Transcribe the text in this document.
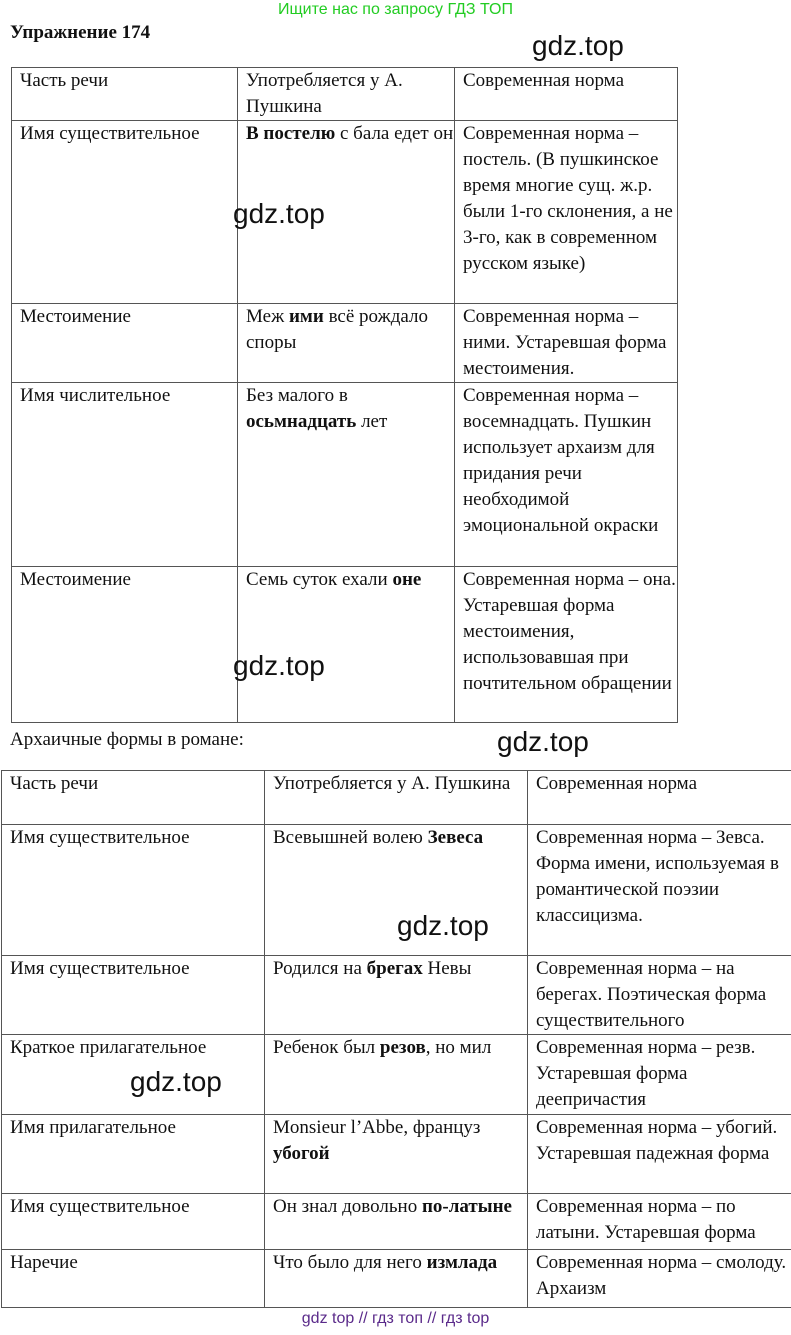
Ищите нас по запросу ГДЗ ТОП
Упражнение 174	gdz.top
Часть речи	Употребляется у А. Пушкина	Современная норма
Имя существительное	В постелю с бала едет он	Современная норма – постель. (В пушкинское время многие сущ. ж.р. были 1-го склонения, а не 3-го, как в современном русском языке)
Местоимение	Меж ими всё рождало споры	Современная норма – ними. Устаревшая форма местоимения.
Имя числительное	Без малого в осьмнадцать лет	Современная норма – восемнадцать. Пушкин использует архаизм для придания речи необходимой эмоциональной окраски
Местоимение	Семь суток ехали оне	Современная норма – она. Устаревшая форма местоимения, использовавшая при почтительном обращении
gdz.top
gdz.top
Архаичные формы в романе:	gdz.top
Часть речи	Употребляется у А. Пушкина	Современная норма
Имя существительное	Всевышней волею Зевеса	Современная норма – Зевса. Форма имени, используемая в романтической поэзии классицизма.
Имя существительное	Родился на брегах Невы	Современная норма – на берегах. Поэтическая форма существительного
Краткое прилагательное	Ребенок был резов, но мил	Современная норма – резв. Устаревшая форма деепричастия
Имя прилагательное	Monsieur l’Abbe, француз убогой	Современная норма – убогий. Устаревшая падежная форма
Имя существительное	Он знал довольно по-латыне	Современная норма – по латыни. Устаревшая форма
Наречие	Что было для него измлада	Современная норма – смолоду. Архаизм
gdz.top
gdz.top
gdz top // гдз топ // гдз top
